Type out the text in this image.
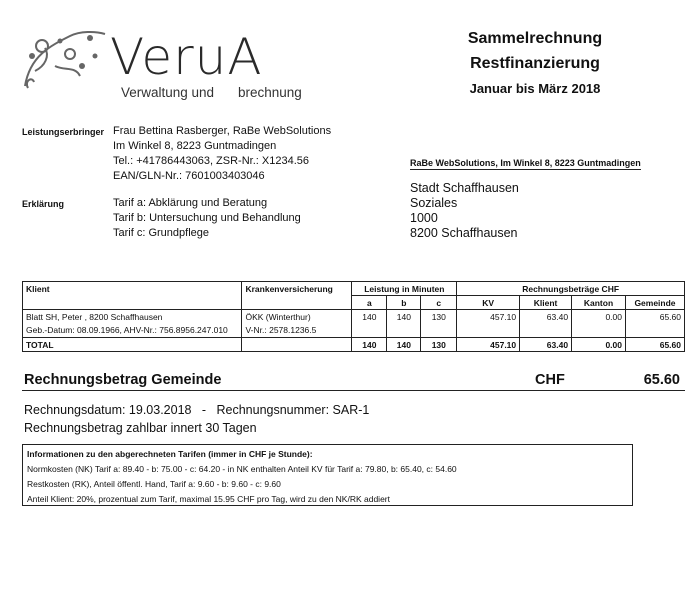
VeruA
Verwaltung und brechnung
Sammelrechnung
Restfinanzierung
Januar bis März 2018
Leistungserbringer Frau Bettina Rasberger, RaBe WebSolutions
Im Winkel 8, 8223 Guntmadingen
Tel.: +41786443063, ZSR-Nr.: X1234.56
EAN/GLN-Nr.: 7601003403046
RaBe WebSolutions, Im Winkel 8, 8223 Guntmadingen
Stadt Schaffhausen
Soziales
1000
8200 Schaffhausen
Erklärung	Tarif a: Abklärung und Beratung
Tarif b: Untersuchung und Behandlung
Tarif c: Grundpflege
Klient	Krankenversicherung	Leistung in Minuten			Rechnungsbeträge CHF			
		a	b	c	KV	Klient	Kanton	Gemeinde
Blatt SH, Peter , 8200 Schaffhausen	ÖKK (Winterthur)	140	140	130	457.10	63.40	0.00	65.60
Geb.-Datum: 08.09.1966, AHV-Nr.: 756.8956.247.010	V-Nr.: 2578.1236.5							
TOTAL		140	140	130	457.10	63.40	0.00	65.60
Rechnungsbetrag Gemeinde	CHF	65.60
Rechnungsdatum: 19.03.2018   -   Rechnungsnummer: SAR-1
Rechnungsbetrag zahlbar innert 30 Tagen
Informationen zu den abgerechneten Tarifen (immer in CHF je Stunde):
Normkosten (NK) Tarif a: 89.40 - b: 75.00 - c: 64.20 - in NK enthalten Anteil KV für Tarif a: 79.80, b: 65.40, c: 54.60
Restkosten (RK), Anteil öffentl. Hand, Tarif a: 9.60 - b: 9.60 - c: 9.60
Anteil Klient: 20%, prozentual zum Tarif, maximal 15.95 CHF pro Tag, wird zu den NK/RK addiert
